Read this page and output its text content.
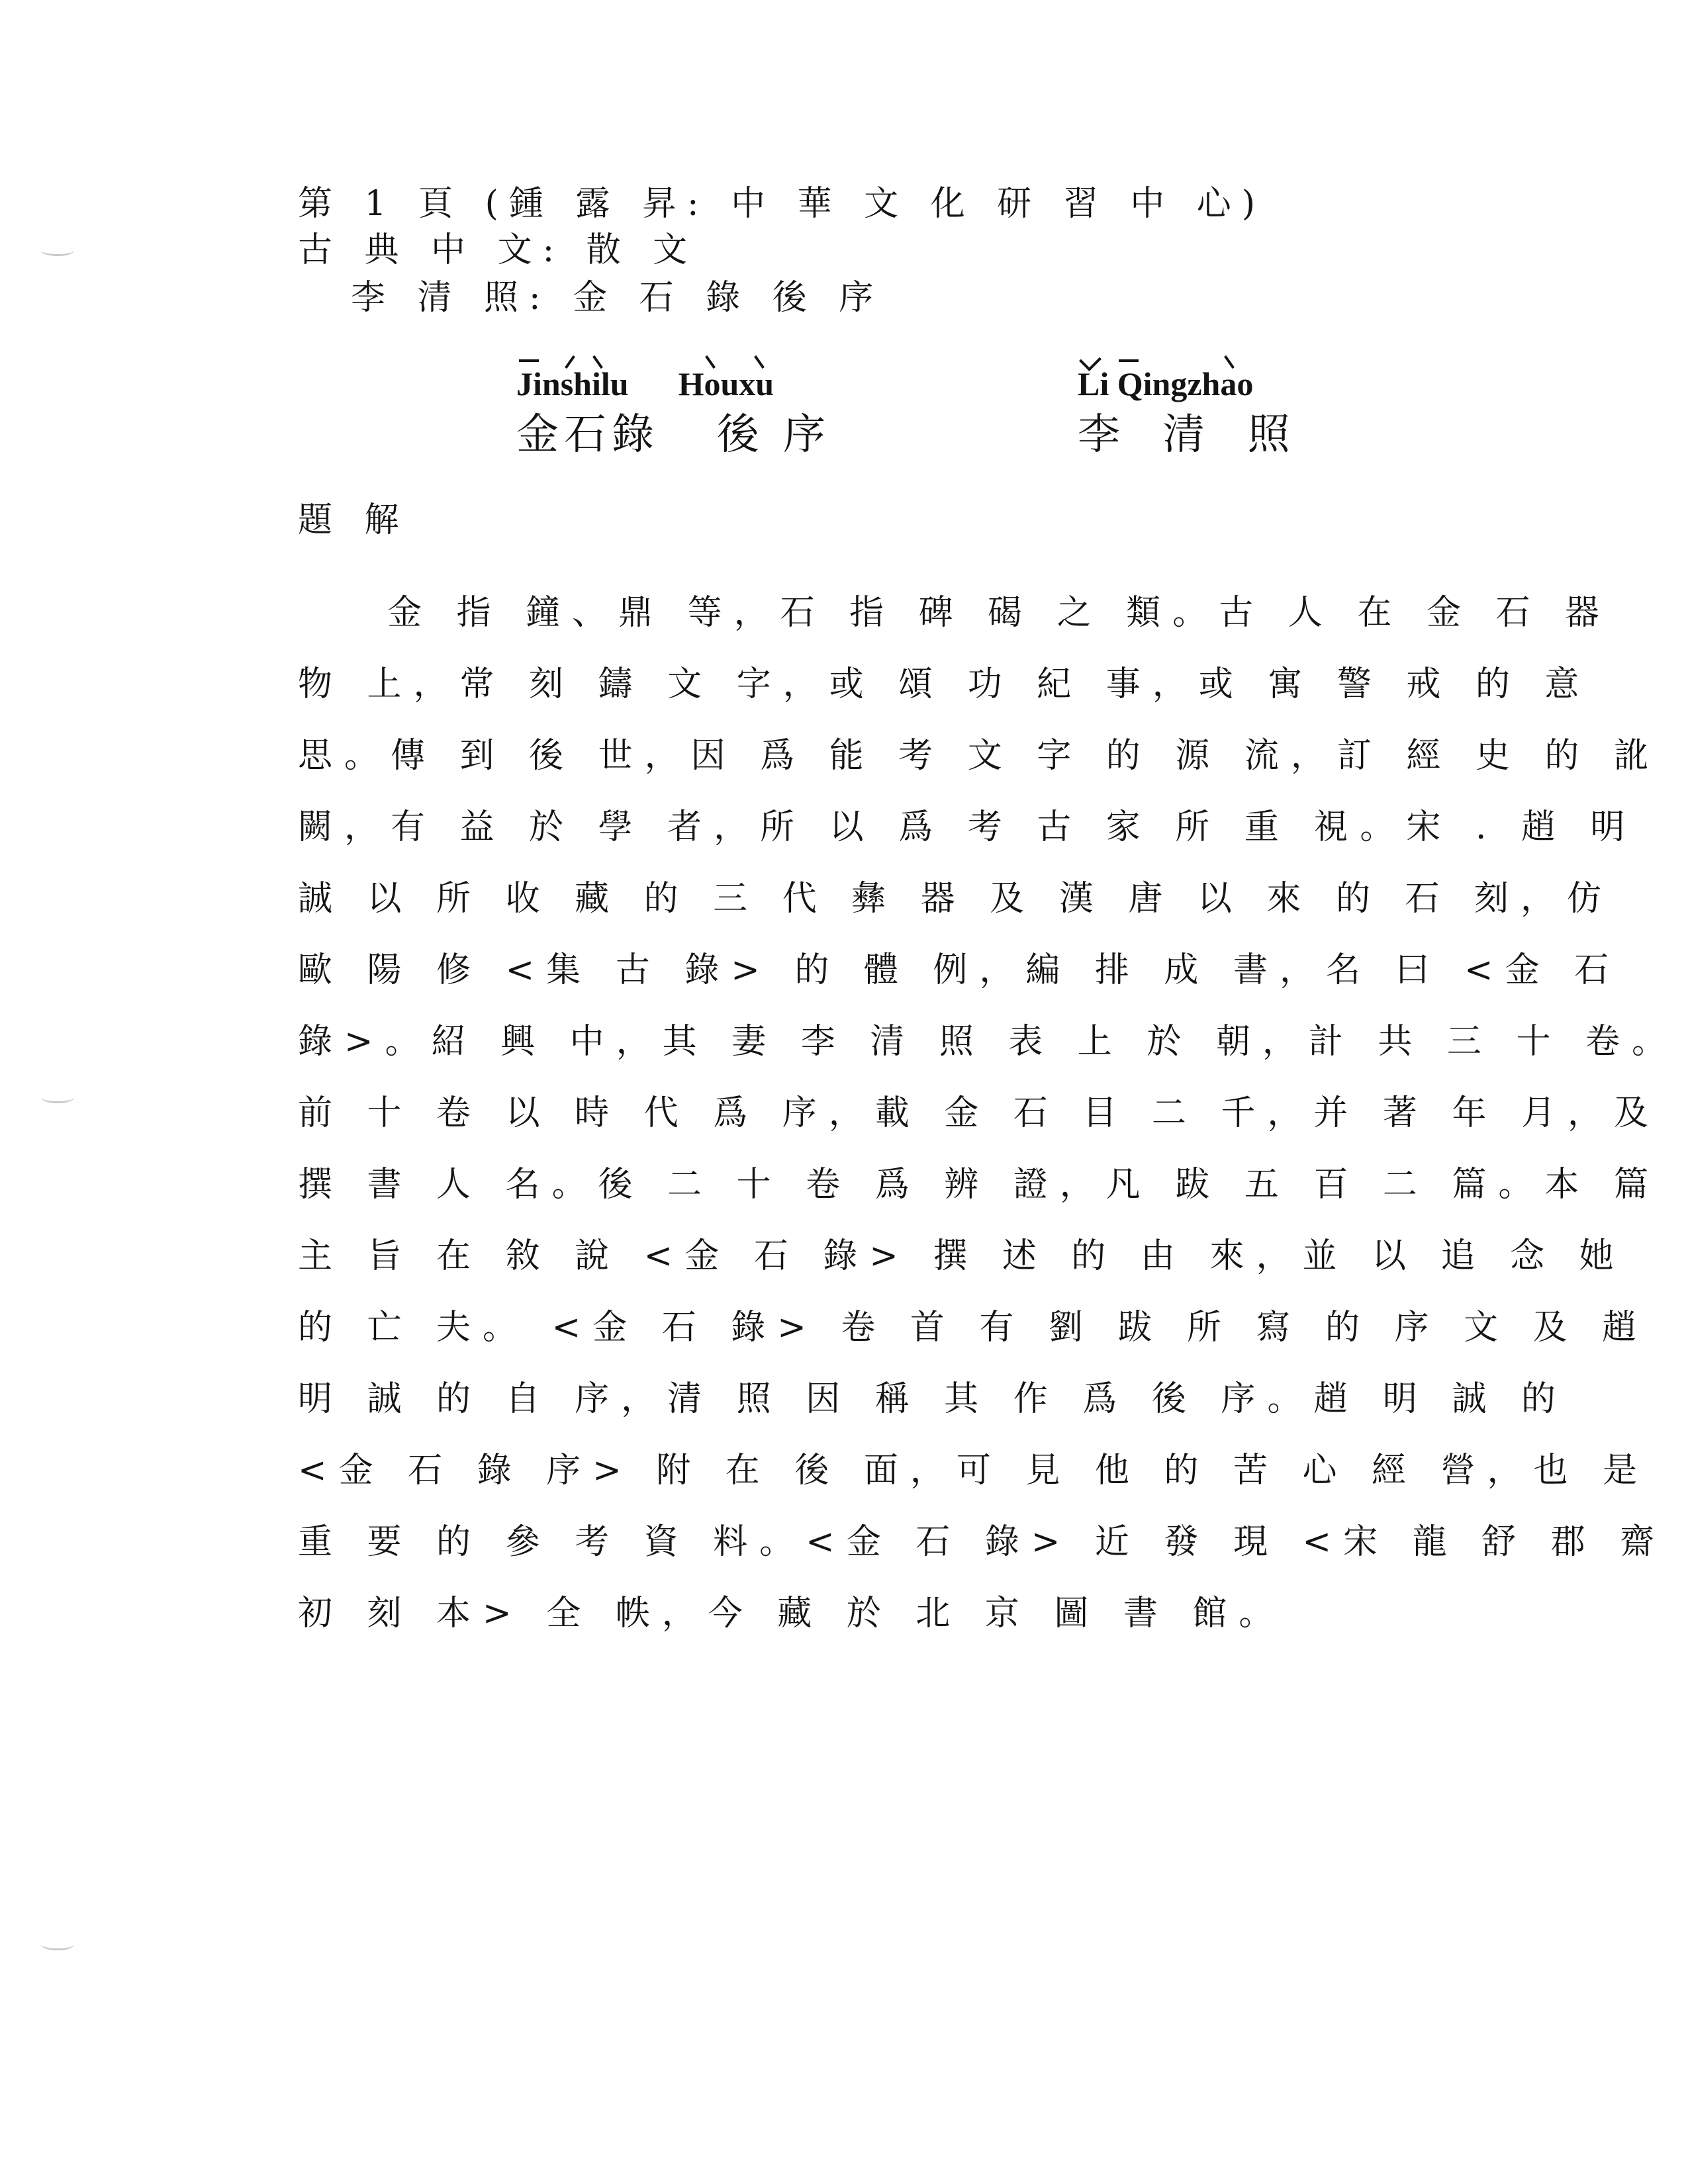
第 1 頁 (鍾 露 昇: 中 華 文 化 研 習 中 心)
古 典 中 文: 散 文
李 清 照: 金 石 錄 後 序
Jinshilu Houxu
金石錄 後 序
Li Qingzhao
李 清 照
題 解
金 指 鐘、鼎 等，石 指 碑 碣 之 類。古 人 在 金 石 器
物 上，常 刻 鑄 文 字，或 頌 功 紀 事，或 寓 警 戒 的 意
思。傳 到 後 世，因 爲 能 考 文 字 的 源 流，訂 經 史 的 訛
闕，有 益 於 學 者，所 以 爲 考 古 家 所 重 視。宋 . 趙 明
誠 以 所 收 藏 的 三 代 彝 器 及 漢 唐 以 來 的 石 刻，仿
歐 陽 修 <集 古 錄> 的 體 例，編 排 成 書，名 曰 <金 石
錄>。紹 興 中，其 妻 李 清 照 表 上 於 朝，計 共 三 十 卷。
前 十 卷 以 時 代 爲 序，載 金 石 目 二 千，并 著 年 月，及
撰 書 人 名。後 二 十 卷 爲 辨 證，凡 跋 五 百 二 篇。本 篇
主 旨 在 敘 說 <金 石 錄> 撰 述 的 由 來，並 以 追 念 她
的 亡 夫。 <金 石 錄> 卷 首 有 劉 跋 所 寫 的 序 文 及 趙
明 誠 的 自 序，清 照 因 稱 其 作 爲 後 序。趙 明 誠 的
<金 石 錄 序> 附 在 後 面，可 見 他 的 苦 心 經 營，也 是
重 要 的 參 考 資 料。<金 石 錄> 近 發 現 <宋 龍 舒 郡 齋
初 刻 本> 全 帙，今 藏 於 北 京 圖 書 館。
